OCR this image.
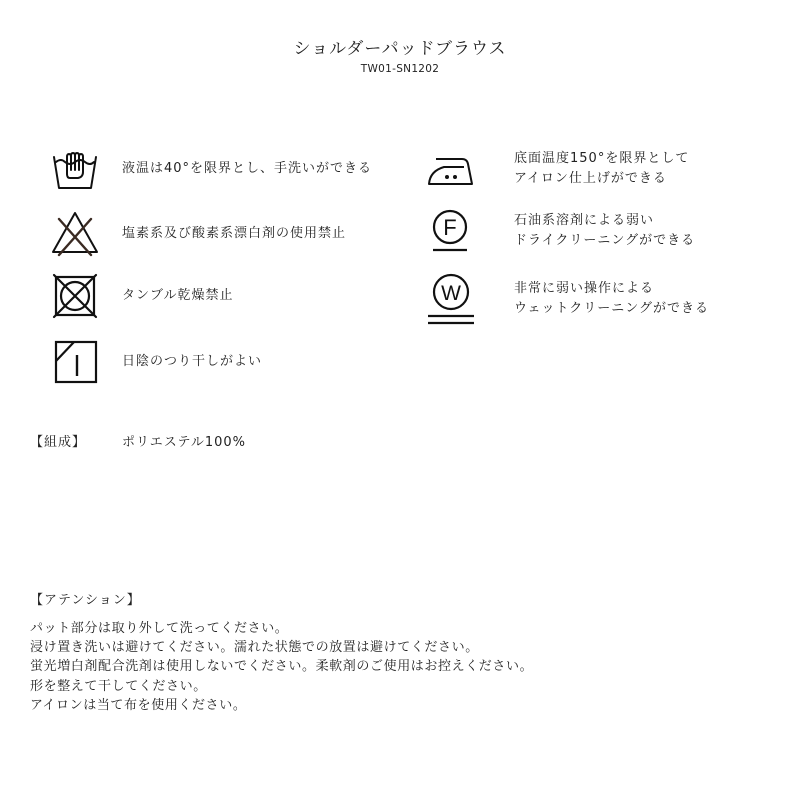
ショルダーパッドブラウス
TW01-SN1202
液温は40°を限界とし、手洗いができる
塩素系及び酸素系漂白剤の使用禁止
タンブル乾燥禁止
日陰のつり干しがよい
底面温度150°を限界として
アイロン仕上げができる
F	石油系溶剤による弱い
ドライクリーニングができる
W	非常に弱い操作による
ウェットクリーニングができる
【組成】	ポリエステル100%
【アテンション】
パット部分は取り外して洗ってください。
浸け置き洗いは避けてください。濡れた状態での放置は避けてください。
蛍光増白剤配合洗剤は使用しないでください。柔軟剤のご使用はお控えください。
形を整えて干してください。
アイロンは当て布を使用ください。
